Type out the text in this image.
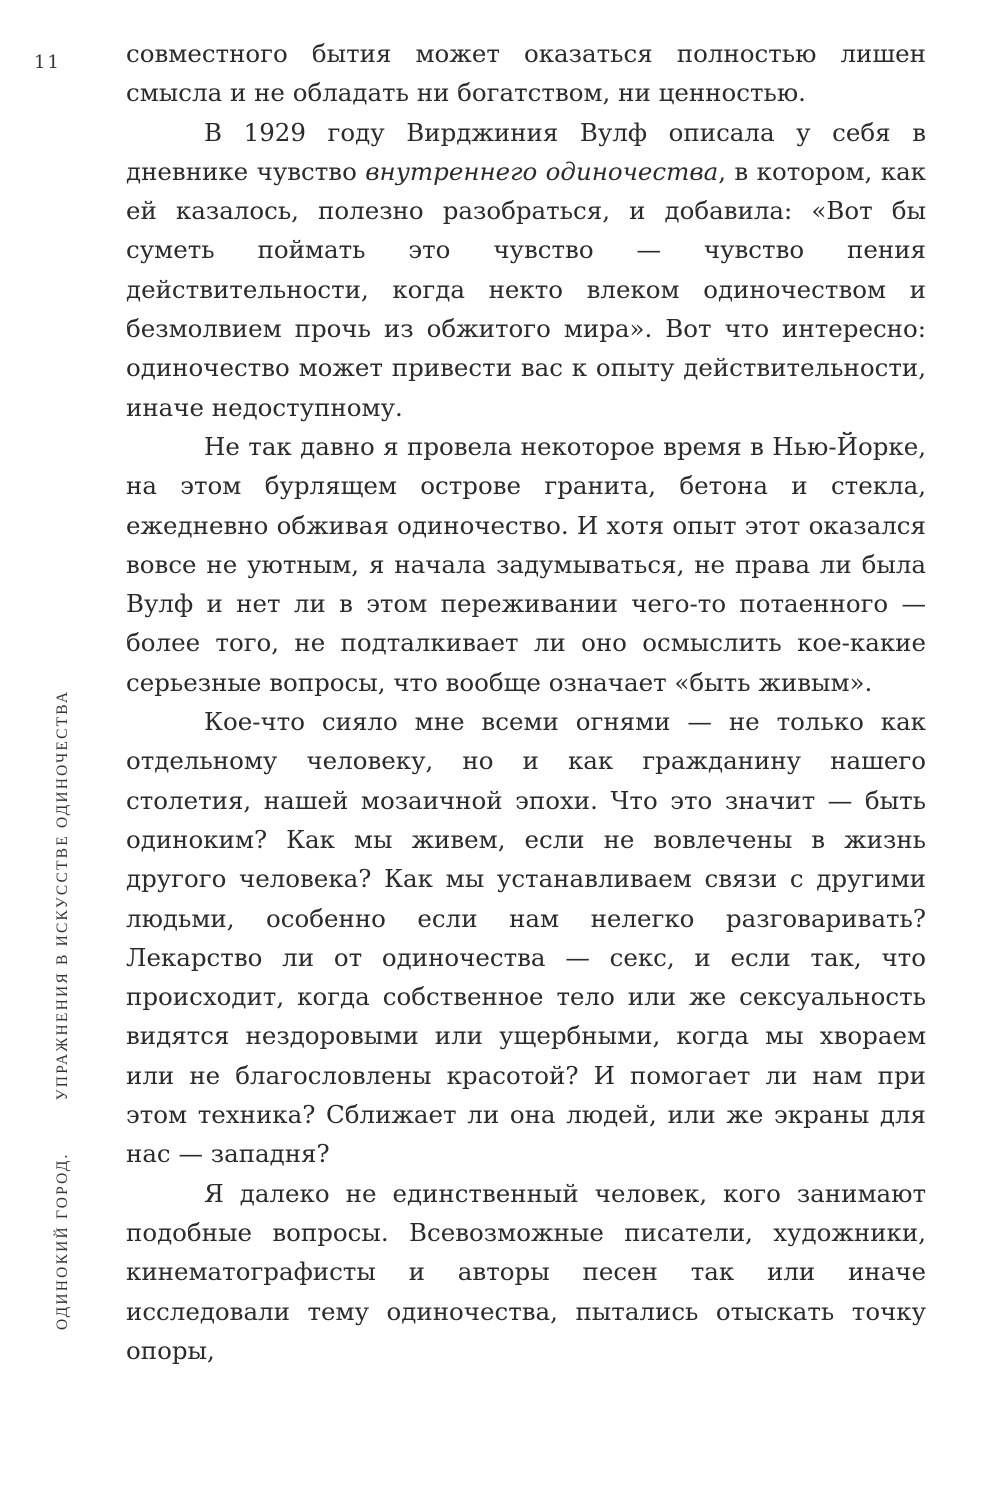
11
ОДИНОКИЙ ГОРОД.УПРАЖНЕНИЯ В ИСКУССТВЕ ОДИНОЧЕСТВА

совместного бытия может оказаться полностью лишен смысла и не обладать ни богатством, ни ценностью.

В 1929 году Вирджиния Вулф описала у себя в дневнике чувство внутреннего одиночества, в котором, как ей казалось, полезно разобраться, и добавила: «Вот бы суметь поймать это чувство — чувство пения действительности, когда некто влеком одиночеством и безмолвием прочь из обжитого мира». Вот что интересно: одиночество может привести вас к опыту действительности, иначе недоступному.

Не так давно я провела некоторое время в Нью-Йорке, на этом бурлящем острове гранита, бетона и стекла, ежедневно обживая одиночество. И хотя опыт этот оказался вовсе не уютным, я начала задумываться, не права ли была Вулф и нет ли в этом переживании чего-то потаенного — более того, не подталкивает ли оно осмыслить кое-какие серьезные вопросы, что вообще означает «быть живым».

Кое-что сияло мне всеми огнями — не только как отдельному человеку, но и как гражданину нашего столетия, нашей мозаичной эпохи. Что это значит — быть одиноким? Как мы живем, если не вовлечены в жизнь другого человека? Как мы устанавливаем связи с другими людьми, особенно если нам нелегко разговаривать? Лекарство ли от одиночества — секс, и если так, что происходит, когда собственное тело или же сексуальность видятся нездоровыми или ущербными, когда мы хвораем или не благословлены красотой? И помогает ли нам при этом техника? Сближает ли она людей, или же экраны для нас — западня?

Я далеко не единственный человек, кого занимают подобные вопросы. Всевозможные писатели, художники, кинематографисты и авторы песен так или иначе исследовали тему одиночества, пытались отыскать точку опоры,
